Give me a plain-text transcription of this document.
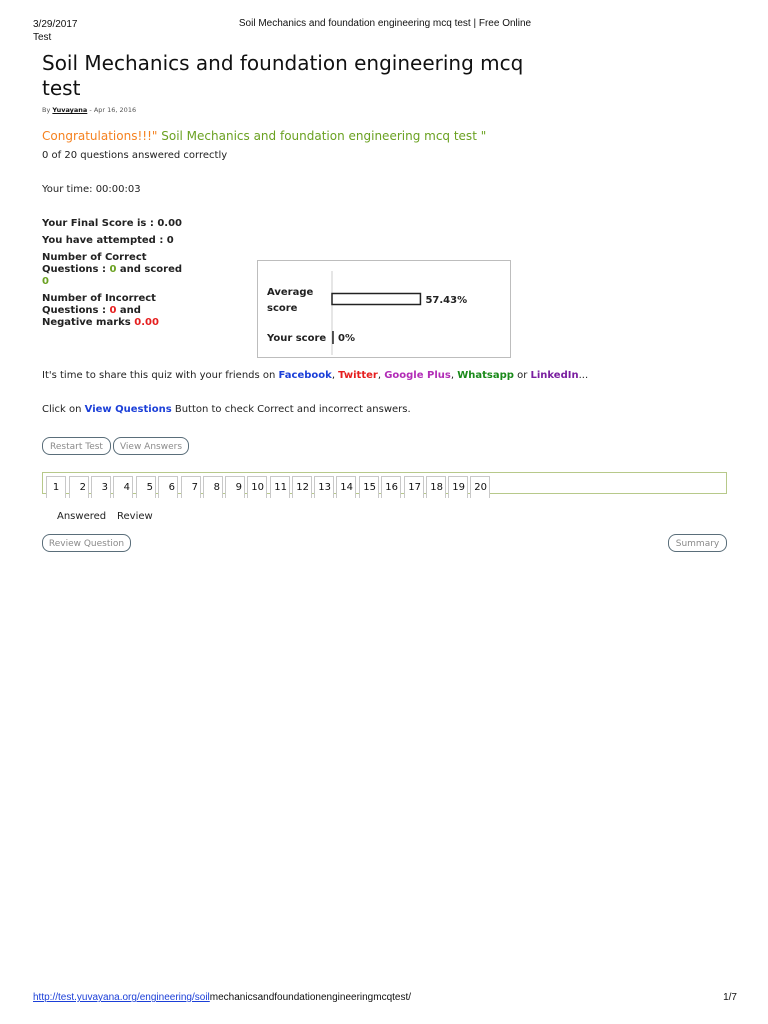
3/29/2017
Test
Soil Mechanics and foundation engineering mcq test | Free Online
Soil Mechanics and foundation engineering mcq test
By Yuvayana - Apr 16, 2016
Congratulations!!!" Soil Mechanics and foundation engineering mcq test "
0 of 20 questions answered correctly
Your time: 00:00:03
Your Final Score is : 0.00
You have attempted : 0
Number of Correct
Questions : 0 and scored
0
Number of Incorrect
Questions : 0 and
Negative marks 0.00
Average
score
57.43%
Your score 0%
It's time to share this quiz with your friends on Facebook, Twitter, Google Plus, Whatsapp or LinkedIn...
Click on View Questions Button to check Correct and incorrect answers.
Restart Test	View Answers
1	2	3	4	5	6	7	8	9 10	11 12 13 14	15 16	17 18 19 20
Answered Review
Review Question	Summary
http://test.yuvayana.org/engineering/soilmechanicsandfoundationengineeringmcqtest/	1/7
